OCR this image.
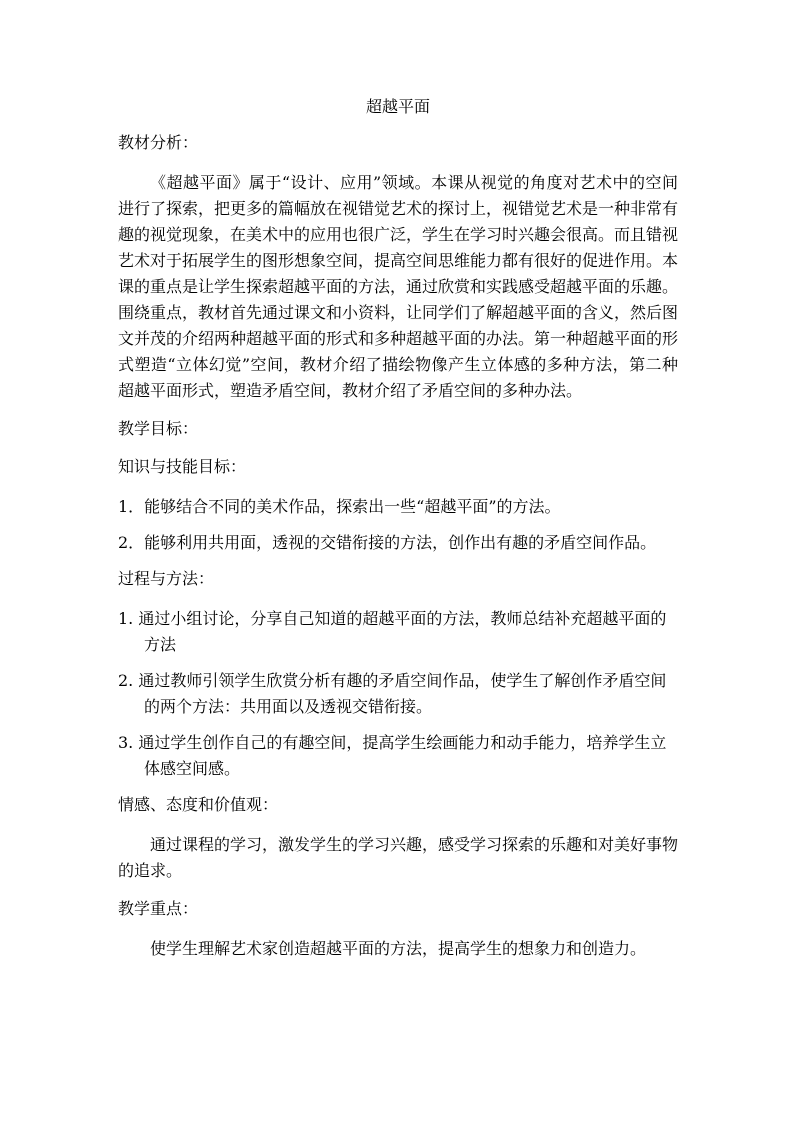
超越平面
教材分析：
《超越平面》属于“设计、应用”领域。本课从视觉的角度对艺术中的空间进行了探索，把更多的篇幅放在视错觉艺术的探讨上，视错觉艺术是一种非常有趣的视觉现象，在美术中的应用也很广泛，学生在学习时兴趣会很高。而且错视艺术对于拓展学生的图形想象空间，提高空间思维能力都有很好的促进作用。本课的重点是让学生探索超越平面的方法，通过欣赏和实践感受超越平面的乐趣。围绕重点，教材首先通过课文和小资料，让同学们了解超越平面的含义，然后图文并茂的介绍两种超越平面的形式和多种超越平面的办法。第一种超越平面的形式塑造“立体幻觉”空间，教材介绍了描绘物像产生立体感的多种方法，第二种超越平面形式，塑造矛盾空间，教材介绍了矛盾空间的多种办法。
教学目标：
知识与技能目标：
1．能够结合不同的美术作品，探索出一些“超越平面”的方法。
2．能够利用共用面，透视的交错衔接的方法，创作出有趣的矛盾空间作品。
过程与方法：
1. 通过小组讨论，分享自己知道的超越平面的方法，教师总结补充超越平面的方法
2. 通过教师引领学生欣赏分析有趣的矛盾空间作品，使学生了解创作矛盾空间的两个方法：共用面以及透视交错衔接。
3. 通过学生创作自己的有趣空间，提高学生绘画能力和动手能力，培养学生立体感空间感。
情感、态度和价值观：
通过课程的学习，激发学生的学习兴趣，感受学习探索的乐趣和对美好事物的追求。
教学重点：
使学生理解艺术家创造超越平面的方法，提高学生的想象力和创造力。
